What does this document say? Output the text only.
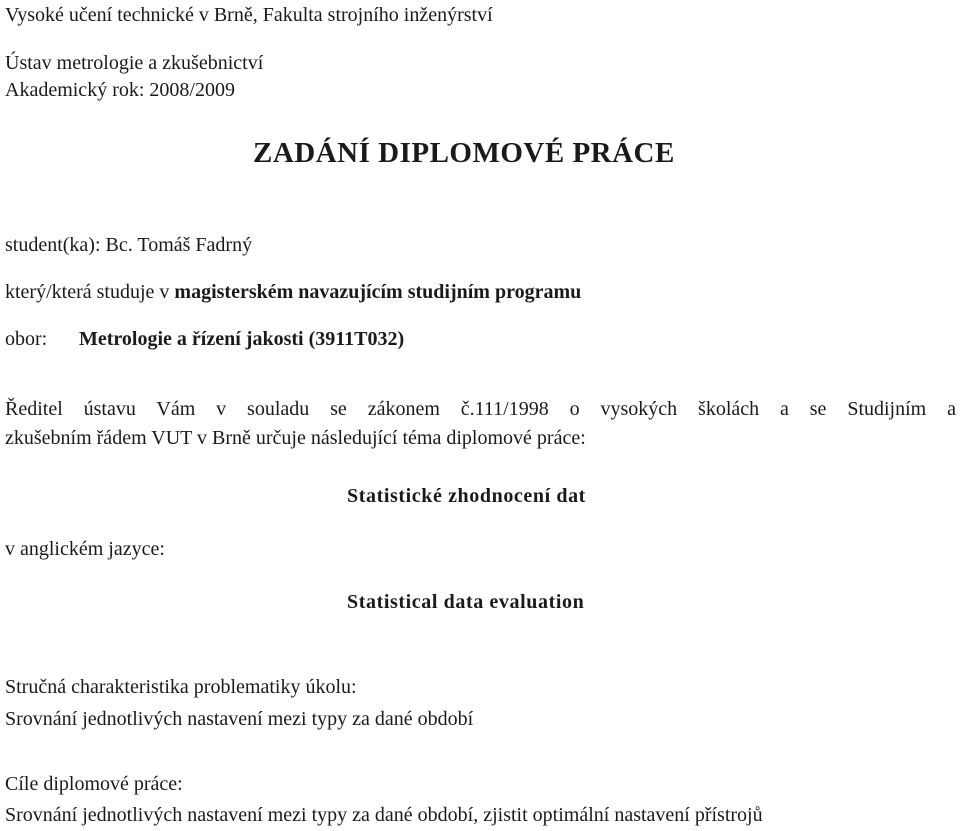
Vysoké učení technické v Brně, Fakulta strojního inženýrství
Ústav metrologie a zkušebnictví
Akademický rok: 2008/2009
ZADÁNÍ DIPLOMOVÉ PRÁCE
student(ka): Bc. Tomáš Fadrný
který/která studuje v magisterském navazujícím studijním programu
obor: Metrologie a řízení jakosti (3911T032)
Ředitel ústavu Vám v souladu se zákonem č.111/1998 o vysokých školách a se Studijním a
zkušebním řádem VUT v Brně určuje následující téma diplomové práce:
Statistické zhodnocení dat
v anglickém jazyce:
Statistical data evaluation
Stručná charakteristika problematiky úkolu:
Srovnání jednotlivých nastavení mezi typy za dané období
Cíle diplomové práce:
Srovnání jednotlivých nastavení mezi typy za dané období, zjistit optimální nastavení přístrojů
